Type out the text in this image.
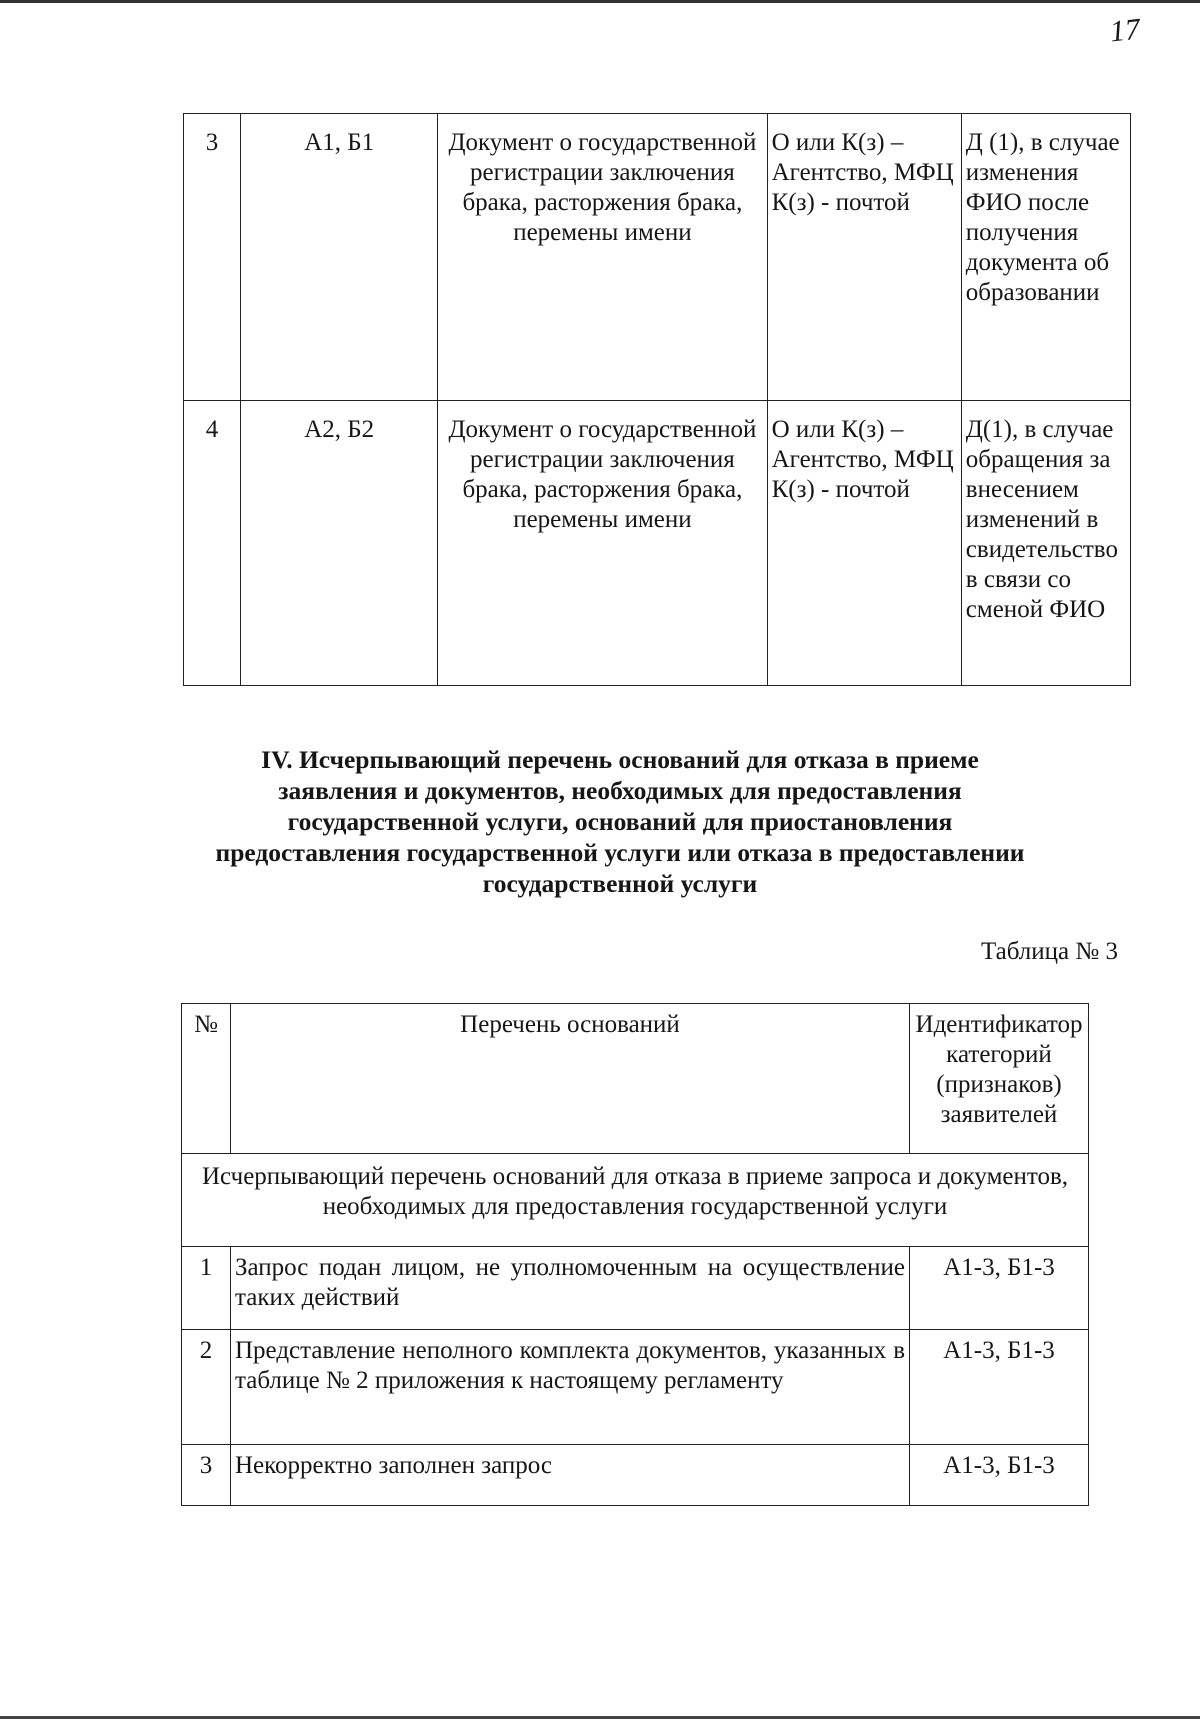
17
3	А1, Б1	Документ о государственной регистрации заключения брака, расторжения брака, перемены имени	О или К(з) – Агентство, МФЦ К(з) - почтой	Д (1), в случае изменения ФИО после получения документа об образовании
4	А2, Б2	Документ о государственной регистрации заключения брака, расторжения брака, перемены имени	О или К(з) – Агентство, МФЦ К(з) - почтой	Д(1), в случае обращения за внесением изменений в свидетельство в связи со сменой ФИО
IV. Исчерпывающий перечень оснований для отказа в приеме заявления и документов, необходимых для предоставления государственной услуги, оснований для приостановления предоставления государственной услуги или отказа в предоставлении государственной услуги
Таблица № 3
№	Перечень оснований	Идентификатор категорий (признаков) заявителей
Исчерпывающий перечень оснований для отказа в приеме запроса и документов, необходимых для предоставления государственной услуги		
1	Запрос подан лицом, не уполномоченным на осуществление таких действий	А1-3, Б1-3
2	Представление неполного комплекта документов, указанных в таблице № 2 приложения к настоящему регламенту	А1-3, Б1-3
3	Некорректно заполнен запрос	А1-3, Б1-3
